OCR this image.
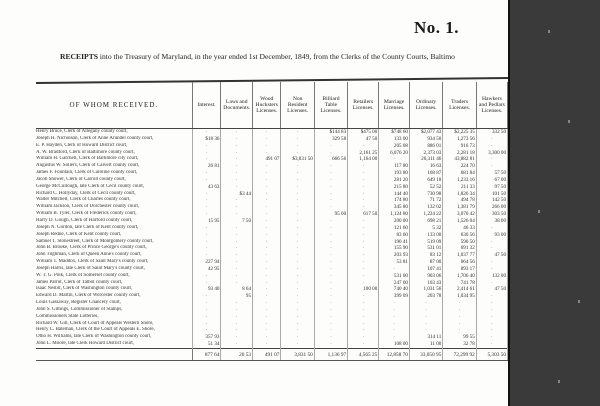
No. 1.
RECEIPTS into the Treasury of Maryland, in the year ended 1st December, 1849, from the Clerks of the County Courts, Baltimo
OF WHOM RECEIVED.	Interest.	Laws and Documents.	Wood Hucksters Licenses.	Non Resident Licenses.	Billiard Table Licenses.	Retailers Licenses.	Marriage Licenses.	Ordinary Licenses.	Traders Licenses.	Hawkers and Pedlars Licenses.
Henry Bruce, Clerk of Allegany county court,	·	·	·	·	$144 83	$475 00	$748 60	$2,077 43	$2,225 35	332 50
Joseph H. Nicholson, Clerk of Anne Arundel county court,	$18 36	·	·	·	329 58	47 50	133 00	934 50	1,273 56	·
E. P. Hayden, Clerk of Howard District court,	·	·	·	·	·	·	205 08	886 01	916 73	·
A. W. Bradford, Clerk of Baltimore county court,	·	·	·	·	·	2,161 25	6,076 20	2,373 03	2,281 18	3,300 00
William H. Gatchell, Clerk of Baltimore city court,	·	·	491 07	$3,831 50	666 56	1,164 00	·	20,311 46	43,882 81	·
Augustus W. Sollers, Clerk of Calvert county court,	26 81	·	·	·	·	·	117 80	16 63	224 70	·
James F. Fountain, Clerk of Caroline county court,	·	·	·	·	·	·	193 80	168 87	681 84	57 50
Jacob Shower, Clerk of Carroll county court,	·	·	·	·	·	·	281 20	649 18	1,233 16	67 00
George McCullough, late Clerk of Cecil county court,	43 63	·	·	·	·	·	215 80	52 52	211 33	97 50
Richard C. Hollyday, Clerk of Cecil county court,	·	$3 44	·	·	·	·	144 40	730 98	1,826 34	101 50
Walter Mitchell, Clerk of Charles county court,	·	·	·	·	·	·	174 80	71 72	494 78	142 50
William Jackson, Clerk of Dorchester county court,	·	·	·	·	·	·	345 80	132 02	1,381 79	266 00
William B. Tyler, Clerk of Frederick county court,	·	·	·	·	95 00	617 50	1,124 80	1,224 22	3,070 42	303 50
Harry D. Gough, Clerk of Harford county court,	15 95	7 50	·	·	·	·	200 00	698 21	1,526 04	38 00
Joseph N. Gordon, late Clerk of Kent county court,	·	·	·	·	·	·	121 60	5 32	46 33	·
Joseph Redue, Clerk of Kent county court,	·	·	·	·	·	·	83 60	133 00	630 56	93 00
Samuel T. Stonestreet, Clerk of Montgomery county court,	·	·	·	·	·	·	190 41	519 09	590 50	·
John B. Brooke, Clerk of Prince George's county court,	·	·	·	·	·	·	155 90	531 01	691 32	·
John Tilghman, Clerk of Queen Anne's county court,	·	·	·	·	·	·	203 93	83 12	1,037 77	47 50
William T. Maddox, Clerk of Saint Mary's county court,	227 94	·	·	·	·	·	53 81	87 00	064 56	·
Joseph Harris, late Clerk of Saint Mary's county court,	42 95	·	·	·	·	·	·	107 41	893 17	·
W. T. G. Polk, Clerk of Somerset county court,	·	·	·	·	·	·	531 00	903 06	1,706 40	132 00
James Parrot, Clerk of Talbot county court,	·	·	·	·	·	·	247 00	103 43	741 78	·
Isaac Nesbit, Clerk of Washington county court,	93 40	8 64	·	·	·	100 00	740 40	1,031 56	2,414 61	47 50
Edward D. Martin, Clerk of Worcester county court,	·	95	·	·	·	·	399 09	203 78	1,034 95	·
Louis Gassaway, Register Chancery court,	·	·	·	·	·	·	·	·	·	·
John S. Gittings, Commissioner of Stamps,	·	·	·	·	·	·	·	·	·	·
Commissioners State Lotteries,	·	·	·	·	·	·	·	·	·	·
Richard W. Gill, Clerk of Court of Appeals Western Shore,	·	·	·	·	·	·	·	·	·	·
Henry C. Bateman, Clerk of the Court of Appeals E. Shore,	·	·	·	·	·	·	·	·	·	·
Otho H. Williams, late Clerk of Washington county court,	357 93	·	·	·	·	·	·	314 11	99 55	·
John L. Moore, late Clerk Howard District court,	51 34	·	·	·	·	·	108 00	11 00	32 78	·
	877 64	20 53	491 07	3,831 50	1,136 97	4,565 25	12,858 70	33,050 95	72,299 92	5,303 50
